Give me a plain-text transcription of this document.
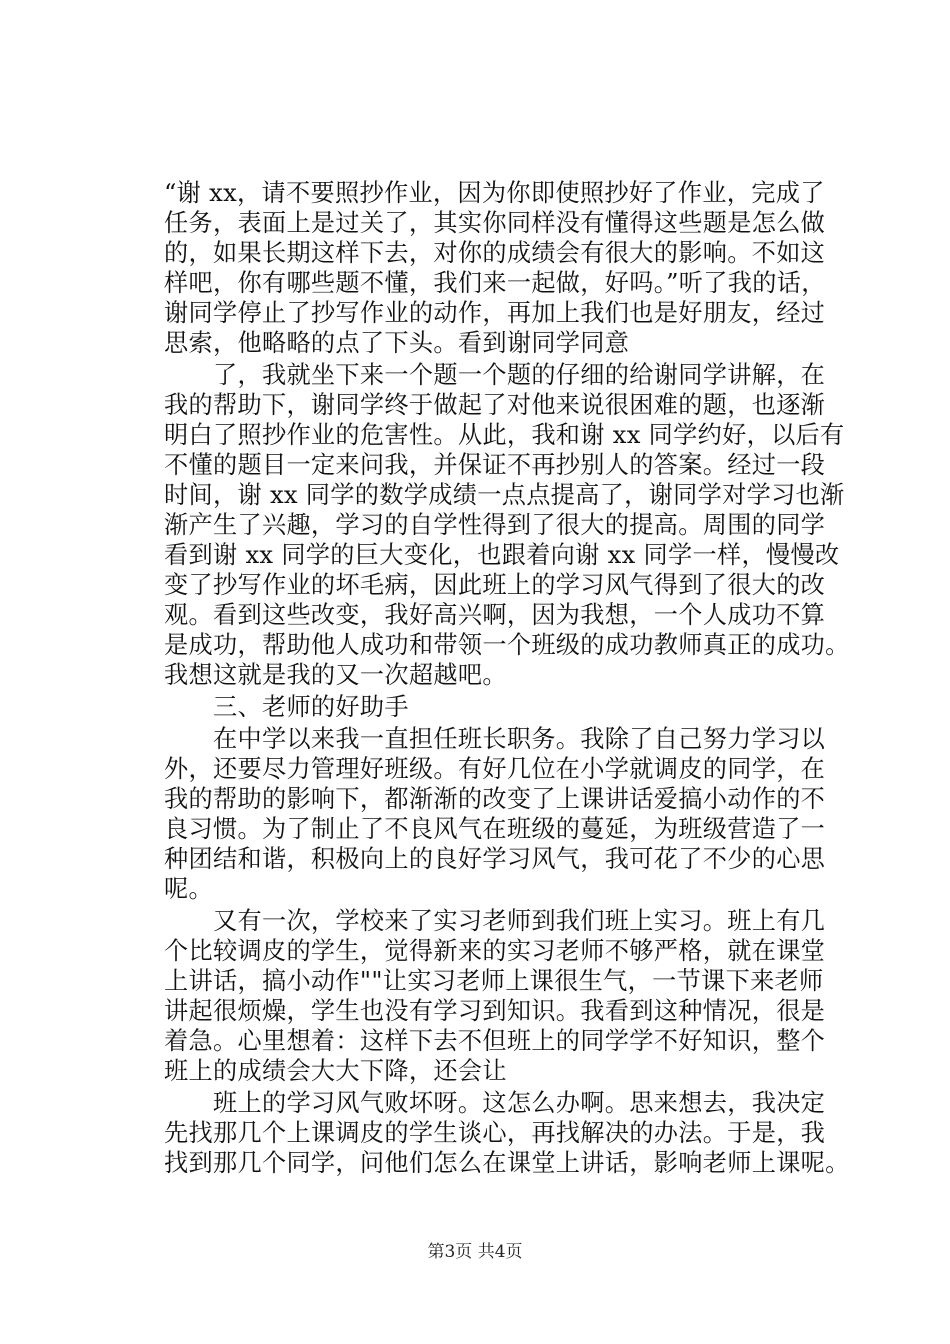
“谢 xx，请不要照抄作业，因为你即使照抄好了作业，完成了
任务，表面上是过关了，其实你同样没有懂得这些题是怎么做
的，如果长期这样下去，对你的成绩会有很大的影响。不如这
样吧，你有哪些题不懂，我们来一起做，好吗。”听了我的话，
谢同学停止了抄写作业的动作，再加上我们也是好朋友，经过
思索，他略略的点了下头。看到谢同学同意
　　了，我就坐下来一个题一个题的仔细的给谢同学讲解，在
我的帮助下，谢同学终于做起了对他来说很困难的题，也逐渐
明白了照抄作业的危害性。从此，我和谢 xx 同学约好，以后有
不懂的题目一定来问我，并保证不再抄别人的答案。经过一段
时间，谢 xx 同学的数学成绩一点点提高了，谢同学对学习也渐
渐产生了兴趣，学习的自学性得到了很大的提高。周围的同学
看到谢 xx 同学的巨大变化，也跟着向谢 xx 同学一样，慢慢改
变了抄写作业的坏毛病，因此班上的学习风气得到了很大的改
观。看到这些改变，我好高兴啊，因为我想，一个人成功不算
是成功，帮助他人成功和带领一个班级的成功教师真正的成功。
我想这就是我的又一次超越吧。
　　三、老师的好助手
　　在中学以来我一直担任班长职务。我除了自己努力学习以
外，还要尽力管理好班级。有好几位在小学就调皮的同学，在
我的帮助的影响下，都渐渐的改变了上课讲话爱搞小动作的不
良习惯。为了制止了不良风气在班级的蔓延，为班级营造了一
种团结和谐，积极向上的良好学习风气，我可花了不少的心思
呢。
　　又有一次，学校来了实习老师到我们班上实习。班上有几
个比较调皮的学生，觉得新来的实习老师不够严格，就在课堂
上讲话，搞小动作""让实习老师上课很生气，一节课下来老师
讲起很烦燥，学生也没有学习到知识。我看到这种情况，很是
着急。心里想着：这样下去不但班上的同学学不好知识，整个
班上的成绩会大大下降，还会让
　　班上的学习风气败坏呀。这怎么办啊。思来想去，我决定
先找那几个上课调皮的学生谈心，再找解决的办法。于是，我
找到那几个同学，问他们怎么在课堂上讲话，影响老师上课呢。
第3页 共4页
